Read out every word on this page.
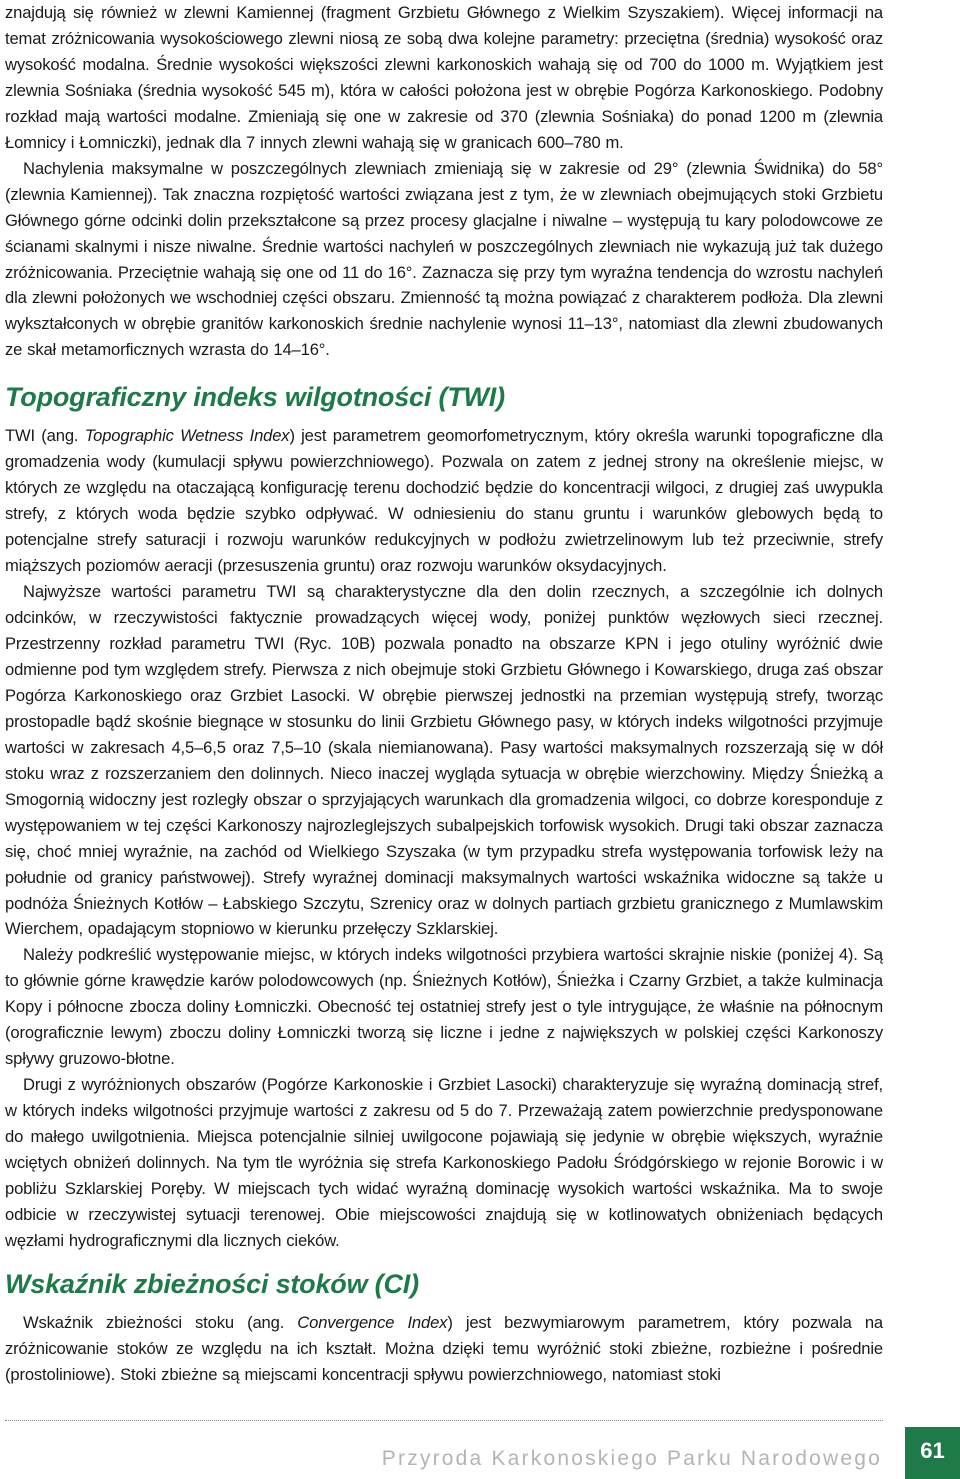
znajdują się również w zlewni Kamiennej (fragment Grzbietu Głównego z Wielkim Szyszakiem). Więcej informacji na temat zróżnicowania wysokościowego zlewni niosą ze sobą dwa kolejne parametry: przeciętna (średnia) wysokość oraz wysokość modalna. Średnie wysokości większości zlewni karkonoskich wahają się od 700 do 1000 m. Wyjątkiem jest zlewnia Sośniaka (średnia wysokość 545 m), która w całości położona jest w obrębie Pogórza Karkonoskiego. Podobny rozkład mają wartości modalne. Zmieniają się one w zakresie od 370 (zlewnia Sośniaka) do ponad 1200 m (zlewnia Łomnicy i Łomniczki), jednak dla 7 innych zlewni wahają się w granicach 600–780 m.

Nachylenia maksymalne w poszczególnych zlewniach zmieniają się w zakresie od 29° (zlewnia Świdnika) do 58° (zlewnia Kamiennej). Tak znaczna rozpiętość wartości związana jest z tym, że w zlewniach obejmujących stoki Grzbietu Głównego górne odcinki dolin przekształcone są przez procesy glacjalne i niwalne – występują tu kary polodowcowe ze ścianami skalnymi i nisze niwalne. Średnie wartości nachyleń w poszczególnych zlewniach nie wykazują już tak dużego zróżnicowania. Przeciętnie wahają się one od 11 do 16°. Zaznacza się przy tym wyraźna tendencja do wzrostu nachyleń dla zlewni położonych we wschodniej części obszaru. Zmienność tą można powiązać z charakterem podłoża. Dla zlewni wykształconych w obrębie granitów karkonoskich średnie nachylenie wynosi 11–13°, natomiast dla zlewni zbudowanych ze skał metamorficznych wzrasta do 14–16°.

Topograficzny indeks wilgotności (TWI)

TWI (ang. Topographic Wetness Index) jest parametrem geomorfometrycznym, który określa warunki topograficzne dla gromadzenia wody (kumulacji spływu powierzchniowego). Pozwala on zatem z jednej strony na określenie miejsc, w których ze względu na otaczającą konfigurację terenu dochodzić będzie do koncentracji wilgoci, z drugiej zaś uwypukla strefy, z których woda będzie szybko odpływać. W odniesieniu do stanu gruntu i warunków glebowych będą to potencjalne strefy saturacji i rozwoju warunków redukcyjnych w podłożu zwietrzelinowym lub też przeciwnie, strefy miąższych poziomów aeracji (przesuszenia gruntu) oraz rozwoju warunków oksydacyjnych.

Najwyższe wartości parametru TWI są charakterystyczne dla den dolin rzecznych, a szczególnie ich dolnych odcinków, w rzeczywistości faktycznie prowadzących więcej wody, poniżej punktów węzłowych sieci rzecznej. Przestrzenny rozkład parametru TWI (Ryc. 10B) pozwala ponadto na obszarze KPN i jego otuliny wyróżnić dwie odmienne pod tym względem strefy. Pierwsza z nich obejmuje stoki Grzbietu Głównego i Kowarskiego, druga zaś obszar Pogórza Karkonoskiego oraz Grzbiet Lasocki. W obrębie pierwszej jednostki na przemian występują strefy, tworząc prostopadle bądź skośnie biegnące w stosunku do linii Grzbietu Głównego pasy, w których indeks wilgotności przyjmuje wartości w zakresach 4,5–6,5 oraz 7,5–10 (skala niemianowana). Pasy wartości maksymalnych rozszerzają się w dół stoku wraz z rozszerzaniem den dolinnych. Nieco inaczej wygląda sytuacja w obrębie wierzchowiny. Między Śnieżką a Smogornią widoczny jest rozległy obszar o sprzyjających warunkach dla gromadzenia wilgoci, co dobrze koresponduje z występowaniem w tej części Karkonoszy najrozleglejszych subalpejskich torfowisk wysokich. Drugi taki obszar zaznacza się, choć mniej wyraźnie, na zachód od Wielkiego Szyszaka (w tym przypadku strefa występowania torfowisk leży na południe od granicy państwowej). Strefy wyraźnej dominacji maksymalnych wartości wskaźnika widoczne są także u podnóża Śnieżnych Kotłów – Łabskiego Szczytu, Szrenicy oraz w dolnych partiach grzbietu granicznego z Mumlawskim Wierchem, opadającym stopniowo w kierunku przełęczy Szklarskiej.

Należy podkreślić występowanie miejsc, w których indeks wilgotności przybiera wartości skrajnie niskie (poniżej 4). Są to głównie górne krawędzie karów polodowcowych (np. Śnieżnych Kotłów), Śnieżka i Czarny Grzbiet, a także kulminacja Kopy i północne zbocza doliny Łomniczki. Obecność tej ostatniej strefy jest o tyle intrygujące, że właśnie na północnym (orograficznie lewym) zboczu doliny Łomniczki tworzą się liczne i jedne z największych w polskiej części Karkonoszy spływy gruzowo-błotne.

Drugi z wyróżnionych obszarów (Pogórze Karkonoskie i Grzbiet Lasocki) charakteryzuje się wyraźną dominacją stref, w których indeks wilgotności przyjmuje wartości z zakresu od 5 do 7. Przeważają zatem powierzchnie predysponowane do małego uwilgotnienia. Miejsca potencjalnie silniej uwilgocone pojawiają się jedynie w obrębie większych, wyraźnie wciętych obniżeń dolinnych. Na tym tle wyróżnia się strefa Karkonoskiego Padołu Śródgórskiego w rejonie Borowic i w pobliżu Szklarskiej Poręby. W miejscach tych widać wyraźną dominację wysokich wartości wskaźnika. Ma to swoje odbicie w rzeczywistej sytuacji terenowej. Obie miejscowości znajdują się w kotlinowatych obniżeniach będących węzłami hydrograficznymi dla licznych cieków.

Wskaźnik zbieżności stoków (CI)

Wskaźnik zbieżności stoku (ang. Convergence Index) jest bezwymiarowym parametrem, który pozwala na zróżnicowanie stoków ze względu na ich kształt. Można dzięki temu wyróżnić stoki zbieżne, rozbieżne i pośrednie (prostoliniowe). Stoki zbieżne są miejscami koncentracji spływu powierzchniowego, natomiast stoki

Przyroda Karkonoskiego Parku Narodowego	61
